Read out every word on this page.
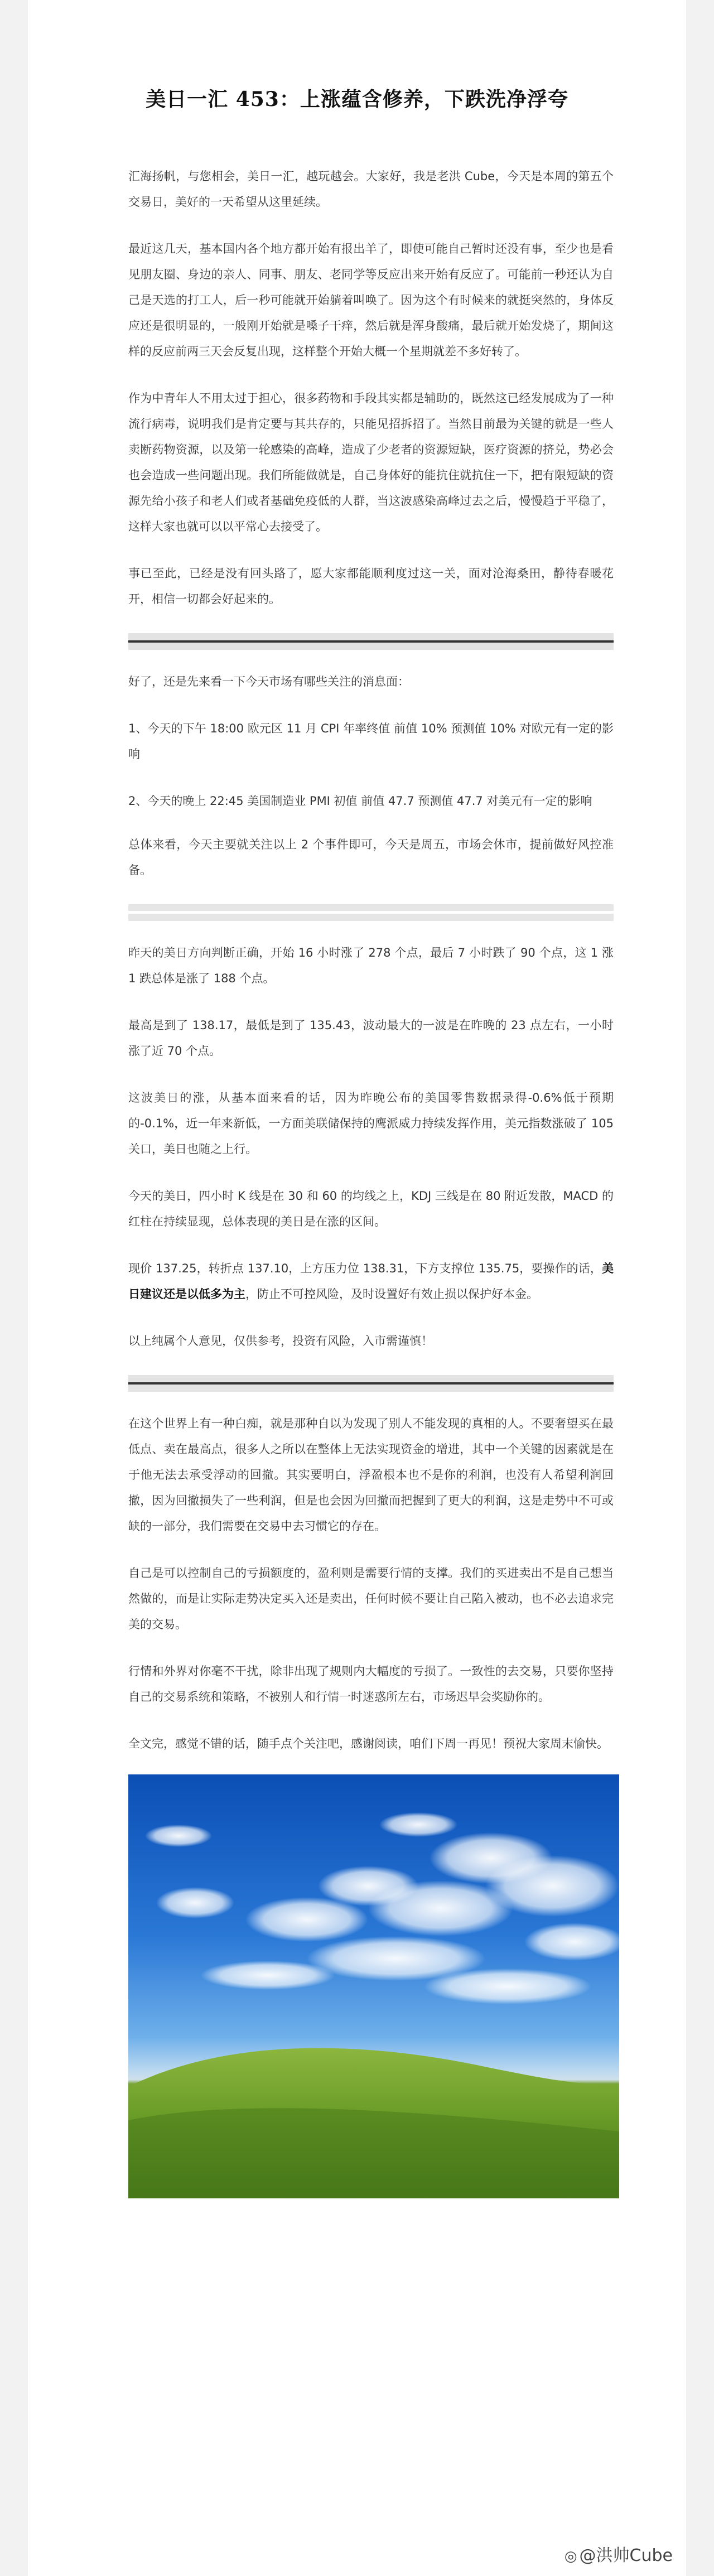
美日一汇 453：上涨蕴含修养，下跌洗净浮夸

汇海扬帆，与您相会，美日一汇，越玩越会。大家好，我是老洪 Cube，今天是本周的第五个交易日，美好的一天希望从这里延续。

最近这几天，基本国内各个地方都开始有报出羊了，即使可能自己暂时还没有事，至少也是看见朋友圈、身边的亲人、同事、朋友、老同学等反应出来开始有反应了。可能前一秒还认为自己是天选的打工人，后一秒可能就开始躺着叫唤了。因为这个有时候来的就挺突然的，身体反应还是很明显的，一般刚开始就是嗓子干痒，然后就是浑身酸痛，最后就开始发烧了，期间这样的反应前两三天会反复出现，这样整个开始大概一个星期就差不多好转了。

作为中青年人不用太过于担心，很多药物和手段其实都是辅助的，既然这已经发展成为了一种流行病毒，说明我们是肯定要与其共存的，只能见招拆招了。当然目前最为关键的就是一些人卖断药物资源，以及第一轮感染的高峰，造成了少老者的资源短缺，医疗资源的挤兑，势必会也会造成一些问题出现。我们所能做就是，自己身体好的能抗住就抗住一下，把有限短缺的资源先给小孩子和老人们或者基础免疫低的人群，当这波感染高峰过去之后，慢慢趋于平稳了，这样大家也就可以以平常心去接受了。

事已至此，已经是没有回头路了，愿大家都能顺利度过这一关，面对沧海桑田，静待春暖花开，相信一切都会好起来的。

好了，还是先来看一下今天市场有哪些关注的消息面：

1、今天的下午 18:00 欧元区 11 月 CPI 年率终值 前值 10% 预测值 10% 对欧元有一定的影响

2、今天的晚上 22:45 美国制造业 PMI 初值 前值 47.7 预测值 47.7 对美元有一定的影响

总体来看，今天主要就关注以上 2 个事件即可，今天是周五，市场会休市，提前做好风控准备。

昨天的美日方向判断正确，开始 16 小时涨了 278 个点，最后 7 小时跌了 90 个点，这 1 涨 1 跌总体是涨了 188 个点。

最高是到了 138.17，最低是到了 135.43，波动最大的一波是在昨晚的 23 点左右，一小时涨了近 70 个点。

这波美日的涨，从基本面来看的话，因为昨晚公布的美国零售数据录得-0.6%低于预期的-0.1%，近一年来新低，一方面美联储保持的鹰派威力持续发挥作用，美元指数涨破了 105 关口，美日也随之上行。

今天的美日，四小时 K 线是在 30 和 60 的均线之上，KDJ 三线是在 80 附近发散，MACD 的红柱在持续显现，总体表现的美日是在涨的区间。

现价 137.25，转折点 137.10，上方压力位 138.31，下方支撑位 135.75，要操作的话，美日建议还是以低多为主，防止不可控风险，及时设置好有效止损以保护好本金。

以上纯属个人意见，仅供参考，投资有风险，入市需谨慎！

在这个世界上有一种白痴，就是那种自以为发现了别人不能发现的真相的人。不要奢望买在最低点、卖在最高点，很多人之所以在整体上无法实现资金的增进，其中一个关键的因素就是在于他无法去承受浮动的回撤。其实要明白，浮盈根本也不是你的利润，也没有人希望利润回撤，因为回撤损失了一些利润，但是也会因为回撤而把握到了更大的利润，这是走势中不可或缺的一部分，我们需要在交易中去习惯它的存在。

自己是可以控制自己的亏损额度的，盈利则是需要行情的支撑。我们的买进卖出不是自己想当然做的，而是让实际走势决定买入还是卖出，任何时候不要让自己陷入被动，也不必去追求完美的交易。

行情和外界对你毫不干扰，除非出现了规则内大幅度的亏损了。一致性的去交易，只要你坚持自己的交易系统和策略，不被别人和行情一时迷惑所左右，市场迟早会奖励你的。

全文完，感觉不错的话，随手点个关注吧，感谢阅读，咱们下周一再见！预祝大家周末愉快。

◎ @洪帅Cube
